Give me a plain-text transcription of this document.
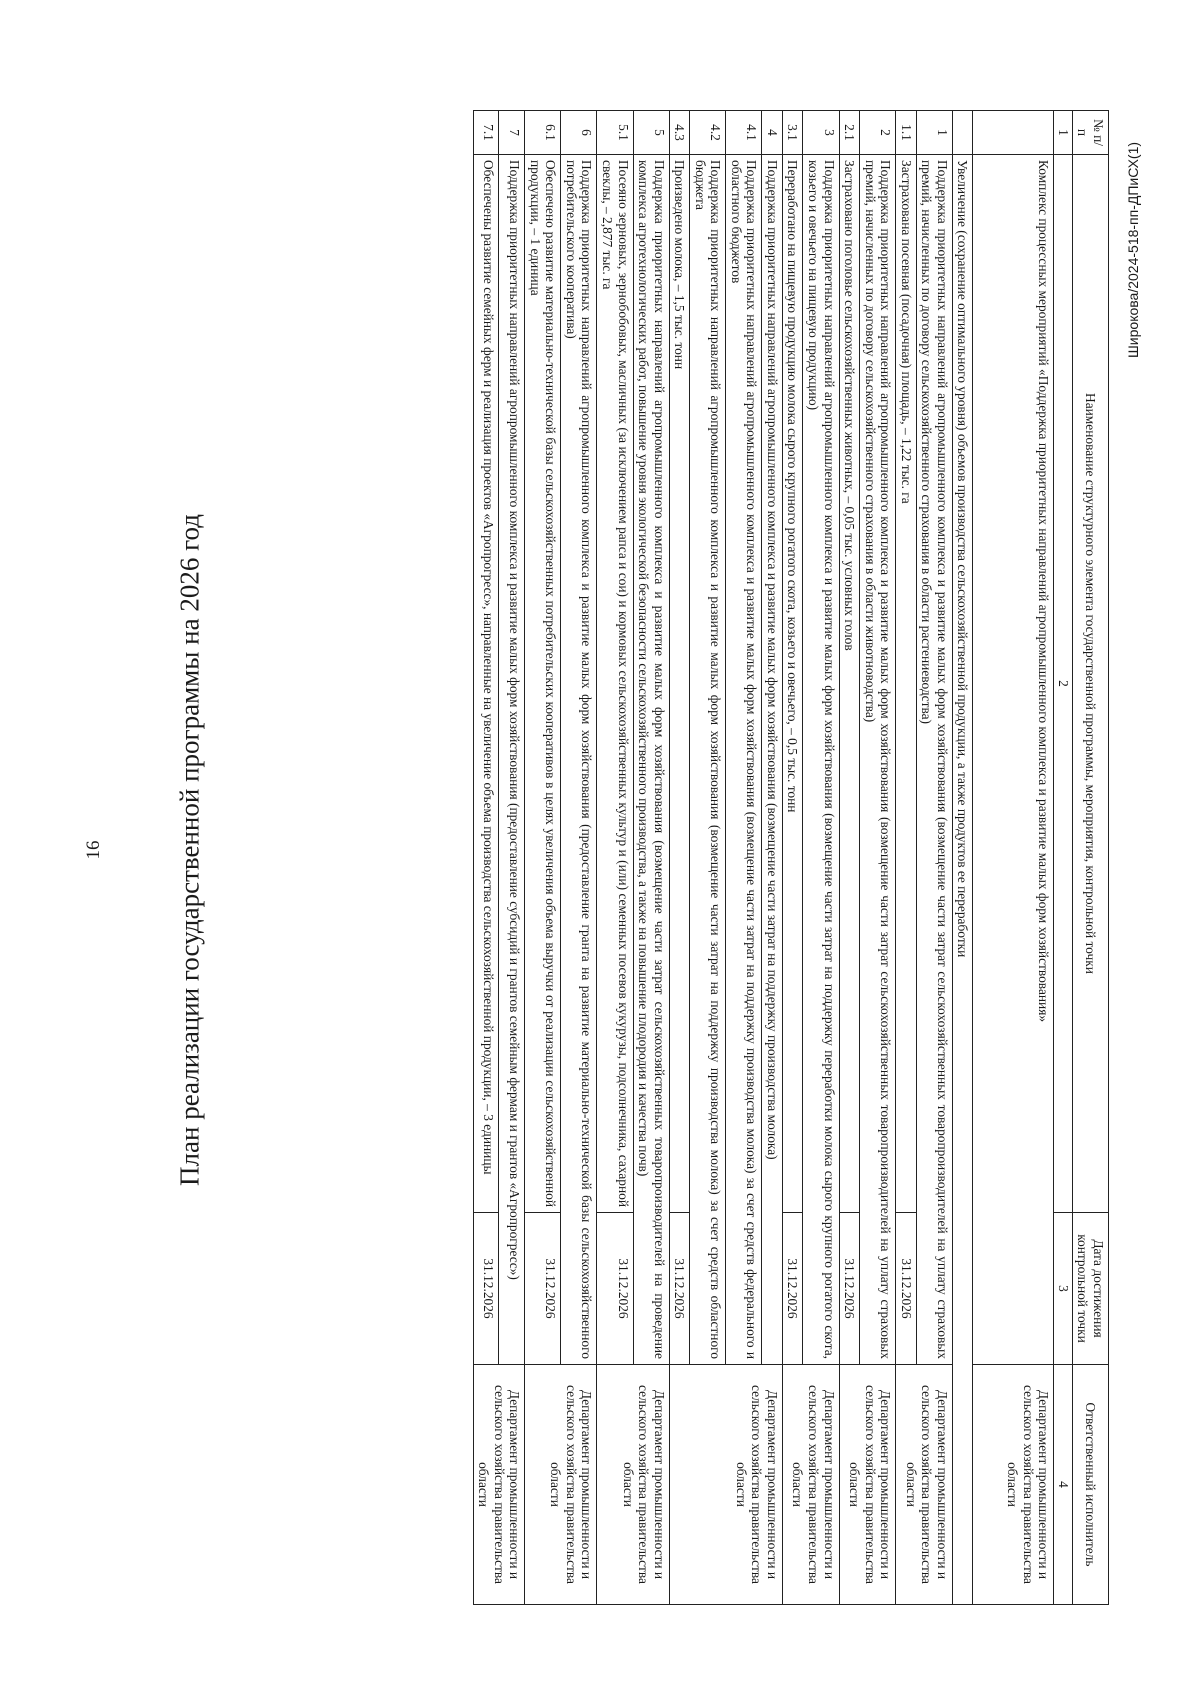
16	План реализации государственной программы на 2026 год
Широкова/2024-518-пп-ДПиСХ(1)
№ п/п	Наименование структурного элемента государственной программы, мероприятия, контрольной точки	Дата достижения контрольной точки	Ответственный исполнитель
1	2	3	4
	Комплекс процессных мероприятий «Поддержка приоритетных направлений агропромышленного комплекса и развитие малых форм хозяйствования»		Департамент промышленности и сельского хозяйства правительства области
	Увеличение (сохранение оптимального уровня) объемов производства сельскохозяйственной продукции, а также продуктов ее переработки		
1	Поддержка приоритетных направлений агропромышленного комплекса и развитие малых форм хозяйствования (возмещение части затрат сельскохозяйственных товаропроизводителей на уплату страховых премий, начисленных по договору сельскохозяйственного страхования в области растениеводства)		Департамент промышленности и сельского хозяйства правительства области
1.1	Застрахована посевная (посадочная) площадь, – 1,22 тыс. га	31.12.2026	
2	Поддержка приоритетных направлений агропромышленного комплекса и развитие малых форм хозяйствования (возмещение части затрат сельскохозяйственных товаропроизводителей на уплату страховых премий, начисленных по договору сельскохозяйственного страхования в области животноводства)		Департамент промышленности и сельского хозяйства правительства области
2.1	Застраховано поголовье сельскохозяйственных животных, – 0,05 тыс. условных голов	31.12.2026	
3	Поддержка приоритетных направлений агропромышленного комплекса и развитие малых форм хозяйствования (возмещение части затрат на поддержку переработки молока сырого крупного рогатого скота, козьего и овечьего на пищевую продукцию)		Департамент промышленности и сельского хозяйства правительства области
3.1	Переработано на пищевую продукцию молока сырого крупного рогатого скота, козьего и овечьего, – 0,5 тыс. тонн	31.12.2026	
4	Поддержка приоритетных направлений агропромышленного комплекса и развитие малых форм хозяйствования (возмещение части затрат на поддержку производства молока)		Департамент промышленности и сельского хозяйства правительства области
4.1	Поддержка приоритетных направлений агропромышленного комплекса и развитие малых форм хозяйствования (возмещение части затрат на поддержку производства молока) за счет средств федерального и областного бюджетов		
4.2	Поддержка приоритетных направлений агропромышленного комплекса и развитие малых форм хозяйствования (возмещение части затрат на поддержку производства молока) за счет средств областного бюджета		
4.3	Произведено молока, – 1,5 тыс. тонн	31.12.2026	
5	Поддержка приоритетных направлений агропромышленного комплекса и развитие малых форм хозяйствования (возмещение части затрат сельскохозяйственных товаропроизводителей на проведение комплекса агротехнологических работ, повышение уровня экологической безопасности сельскохозяйственного производства, а также на повышение плодородия и качества почв)		Департамент промышленности и сельского хозяйства правительства области
5.1	Посеяно зерновых, зернобобовых, масличных (за исключением рапса и сои) и кормовых сельскохозяйственных культур и (или) семенных посевов кукурузы, подсолнечника, сахарной свеклы, – 2,877 тыс. га	31.12.2026	
6	Поддержка приоритетных направлений агропромышленного комплекса и развитие малых форм хозяйствования (предоставление гранта на развитие материально-технической базы сельскохозяйственного потребительского кооператива)		Департамент промышленности и сельского хозяйства правительства области
6.1	Обеспечено развитие материально-технической базы сельскохозяйственных потребительских кооперативов в целях увеличения объема выручки от реализации сельскохозяйственной продукции, – 1 единица	31.12.2026	
7	Поддержка приоритетных направлений агропромышленного комплекса и развитие малых форм хозяйствования (предоставление субсидий и грантов семейным фермам и грантов «Агропрогресс»)		Департамент промышленности и сельского хозяйства правительства области
7.1	Обеспечены развитие семейных ферм и реализация проектов «Агропрогресс», направленные на увеличение объема производства сельскохозяйственной продукции, – 3 единицы	31.12.2026	
